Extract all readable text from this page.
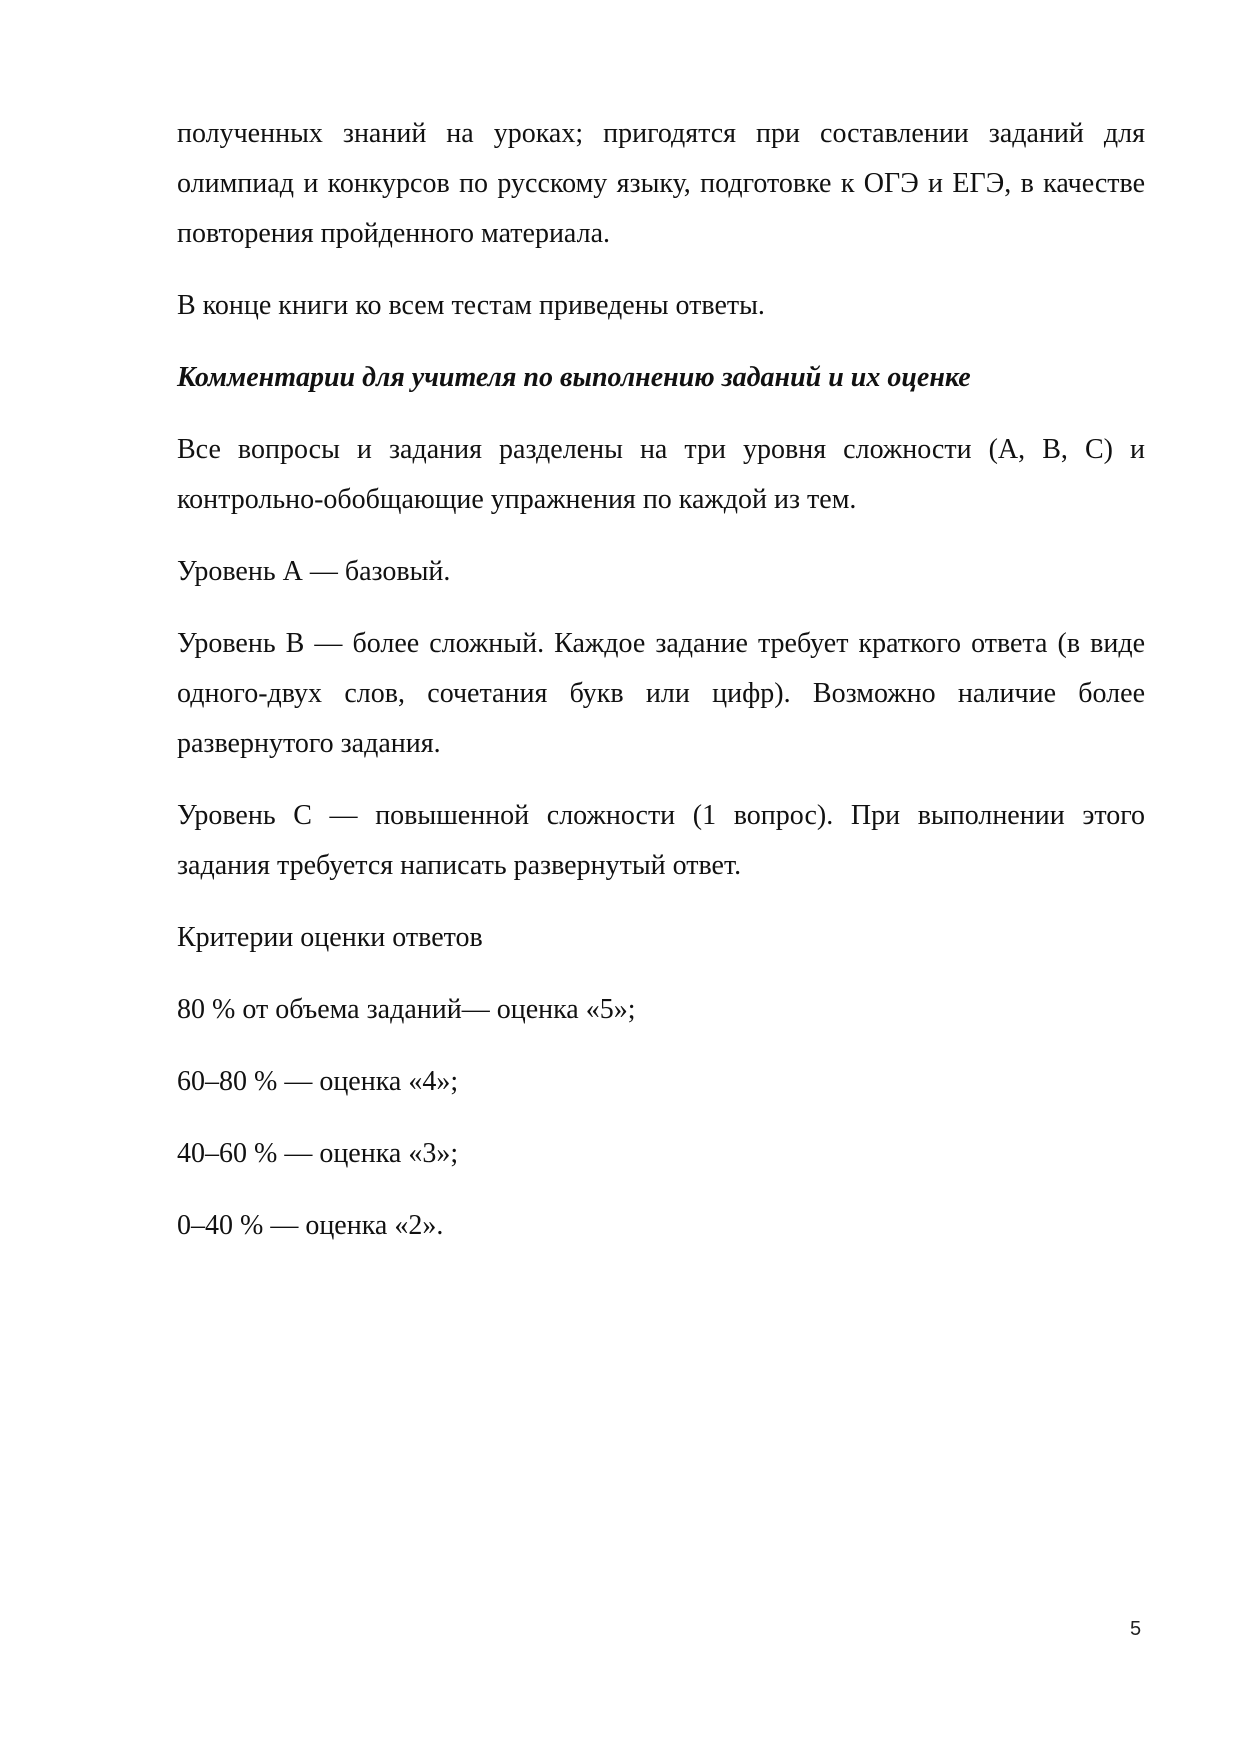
полученных знаний на уроках; пригодятся при составлении заданий для олимпиад и конкурсов по русскому языку, подготовке к ОГЭ и ЕГЭ, в качестве повторения пройденного материала.

В конце книги ко всем тестам приведены ответы.

Комментарии для учителя по выполнению заданий и их оценке

Все вопросы и задания разделены на три уровня сложности (А, В, С) и контрольно-обобщающие упражнения по каждой из тем.

Уровень А — базовый.

Уровень В — более сложный. Каждое задание требует краткого ответа (в виде одного-двух слов, сочетания букв или цифр). Возможно наличие более развернутого задания.

Уровень С — повышенной сложности (1 вопрос). При выполнении этого задания требуется написать развернутый ответ.

Критерии оценки ответов

80 % от объема заданий— оценка «5»;

60–80 % — оценка «4»;

40–60 % — оценка «3»;

0–40 % — оценка «2».

5
